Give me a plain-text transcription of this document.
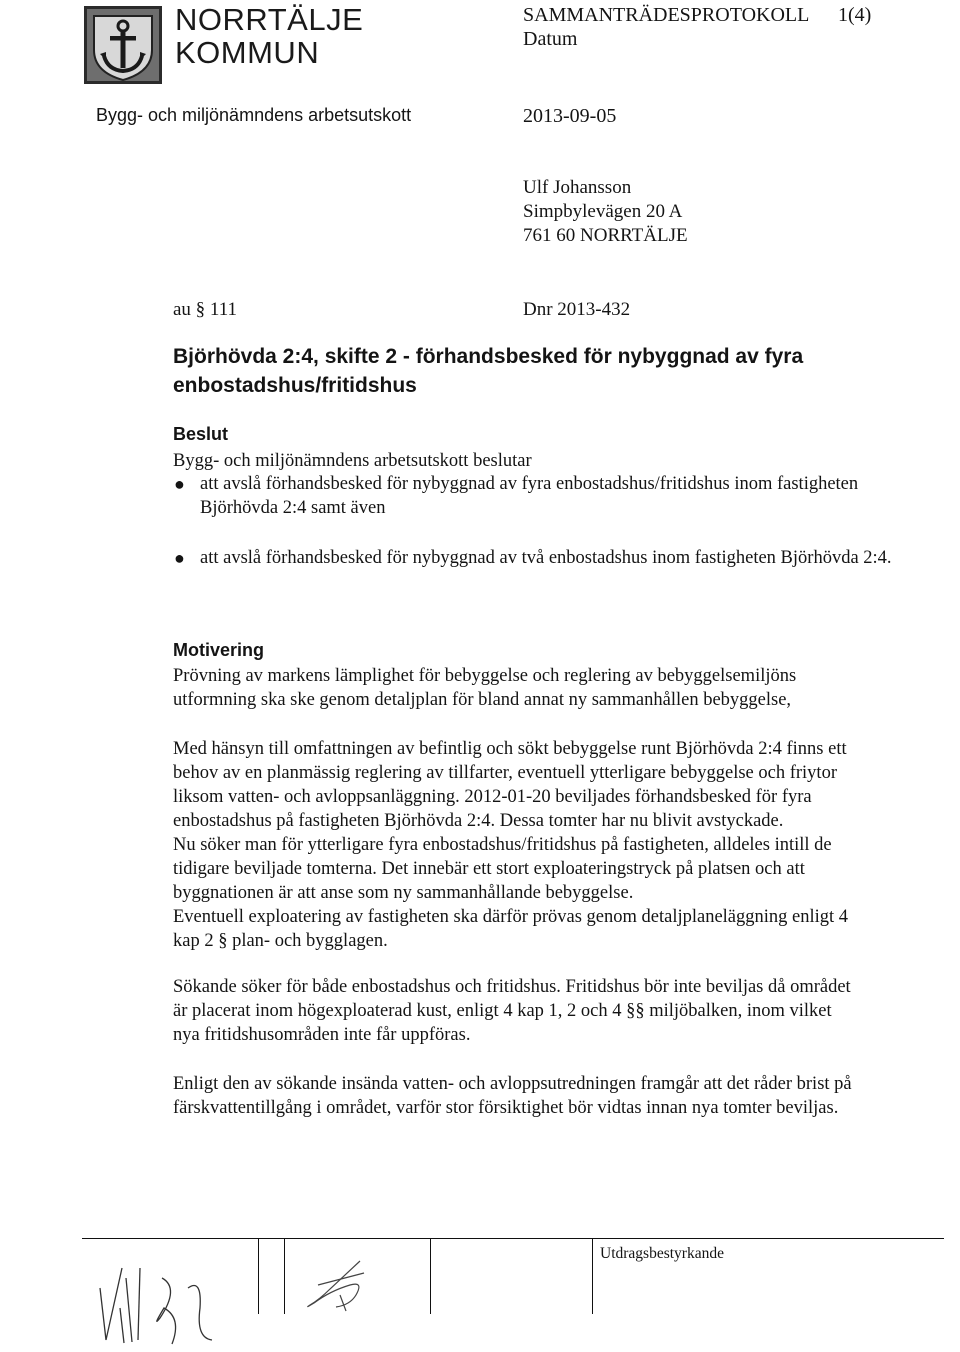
NORRTÄLJE
KOMMUN
SAMMANTRÄDESPROTOKOLL 1(4)
Datum
Bygg- och miljönämndens arbetsutskott	2013-09-05
Ulf Johansson
Simpbylevägen 20 A
761 60 NORRTÄLJE
au § 111	Dnr 2013-432
Björhövda 2:4, skifte 2 - förhandsbesked för nybyggnad av fyra enbostadshus/fritidshus
Beslut
Bygg- och miljönämndens arbetsutskott beslutar
● att avslå förhandsbesked för nybyggnad av fyra enbostadshus/fritidshus inom fastigheten Björhövda 2:4 samt även
● att avslå förhandsbesked för nybyggnad av två enbostadshus inom fastigheten Björhövda 2:4.
Motivering
Prövning av markens lämplighet för bebyggelse och reglering av bebyggelsemiljöns
utformning ska ske genom detaljplan för bland annat ny sammanhållen bebyggelse,
Med hänsyn till omfattningen av befintlig och sökt bebyggelse runt Björhövda 2:4 finns ett
behov av en planmässig reglering av tillfarter, eventuell ytterligare bebyggelse och friytor
liksom vatten- och avloppsanläggning. 2012-01-20 beviljades förhandsbesked för fyra
enbostadshus på fastigheten Björhövda 2:4. Dessa tomter har nu blivit avstyckade.
Nu söker man för ytterligare fyra enbostadshus/fritidshus på fastigheten, alldeles intill de
tidigare beviljade tomterna. Det innebär ett stort exploateringstryck på platsen och att
byggnationen är att anse som ny sammanhållande bebyggelse.
Eventuell exploatering av fastigheten ska därför prövas genom detaljplaneläggning enligt 4
kap 2 § plan- och bygglagen.
Sökande söker för både enbostadshus och fritidshus. Fritidshus bör inte beviljas då området
är placerat inom högexploaterad kust, enligt 4 kap 1, 2 och 4 §§ miljöbalken, inom vilket
nya fritidshusområden inte får uppföras.
Enligt den av sökande insända vatten- och avloppsutredningen framgår att det råder brist på
färskvattentillgång i området, varför stor försiktighet bör vidtas innan nya tomter beviljas.
Utdragsbestyrkande
